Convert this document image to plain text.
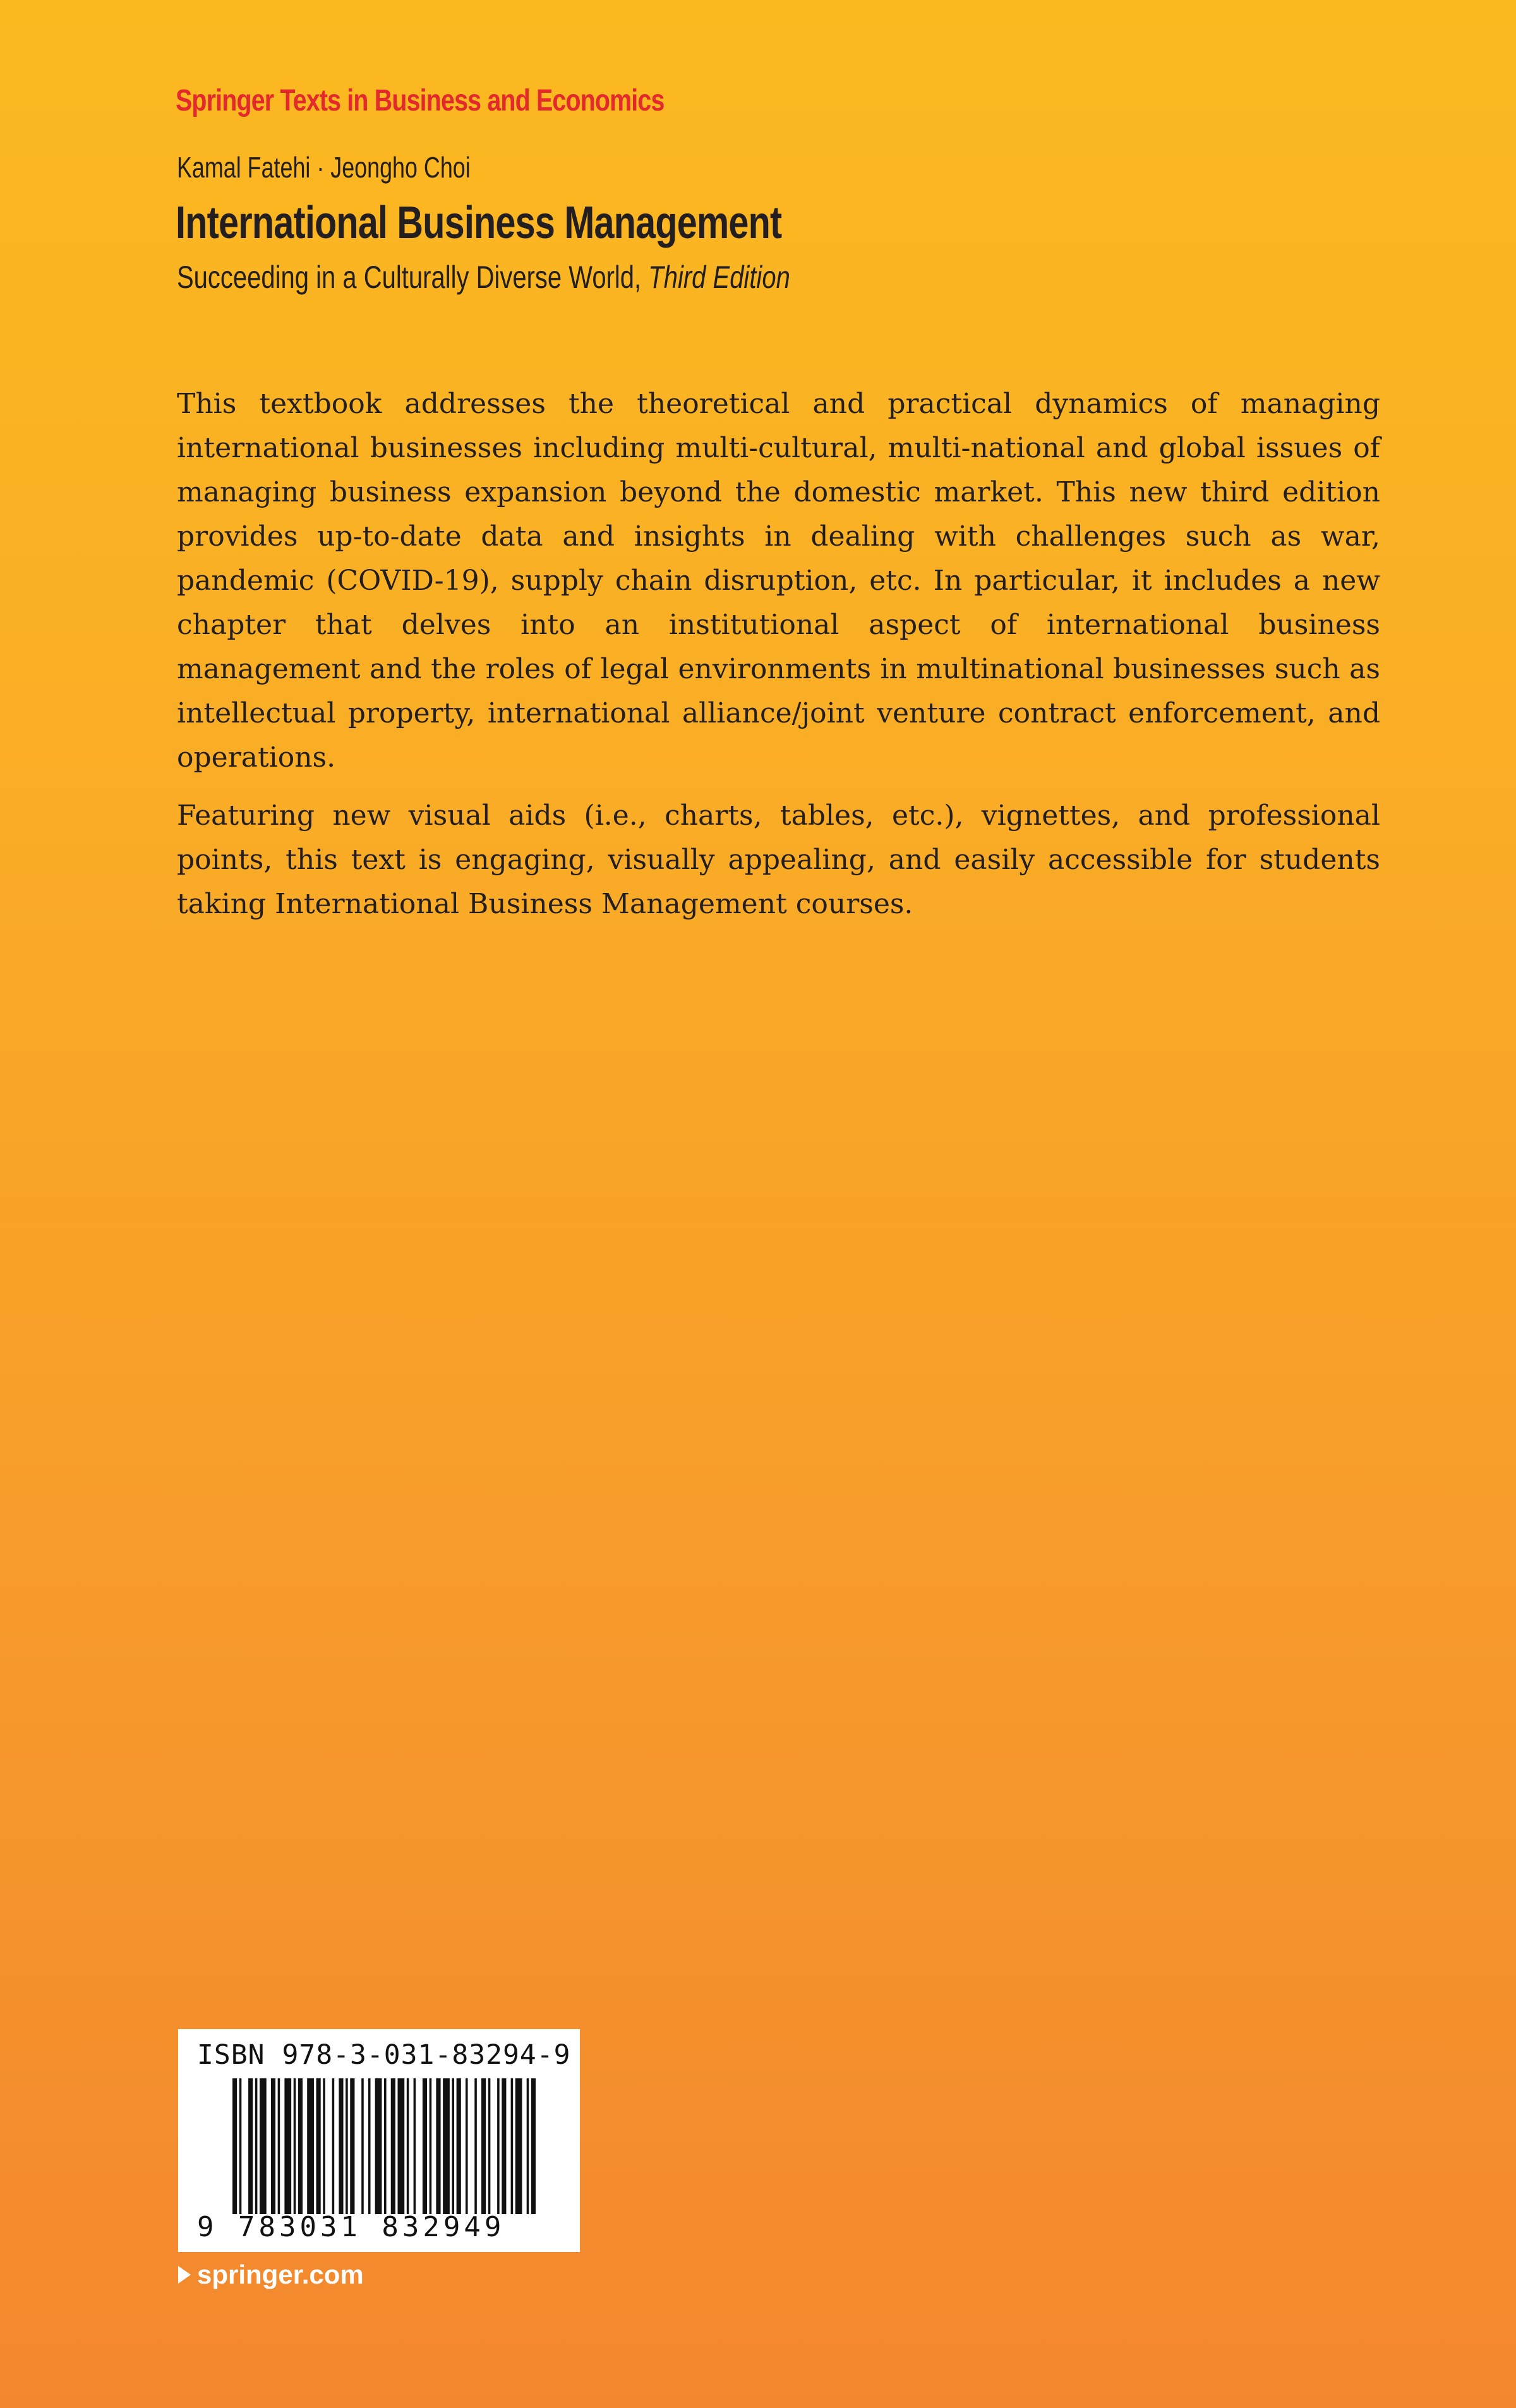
Springer Texts in Business and Economics
Kamal Fatehi · Jeongho Choi
International Business Management
Succeeding in a Culturally Diverse World, Third Edition

This textbook addresses the theoretical and practical dynamics of managing international businesses including multi-cultural, multi-national and global issues of managing business expansion beyond the domestic market. This new third edition provides up-to-date data and insights in dealing with challenges such as war, pandemic (COVID-19), supply chain disruption, etc. In particular, it includes a new chapter that delves into an institutional aspect of international business management and the roles of legal environments in multinational businesses such as intellectual property, international alliance/joint venture contract enforcement, and operations.

Featuring new visual aids (i.e., charts, tables, etc.), vignettes, and professional points, this text is engaging, visually appealing, and easily accessible for students taking International Business Management courses.

ISBN 978-3-031-83294-9
9 783031 832949
springer.com
